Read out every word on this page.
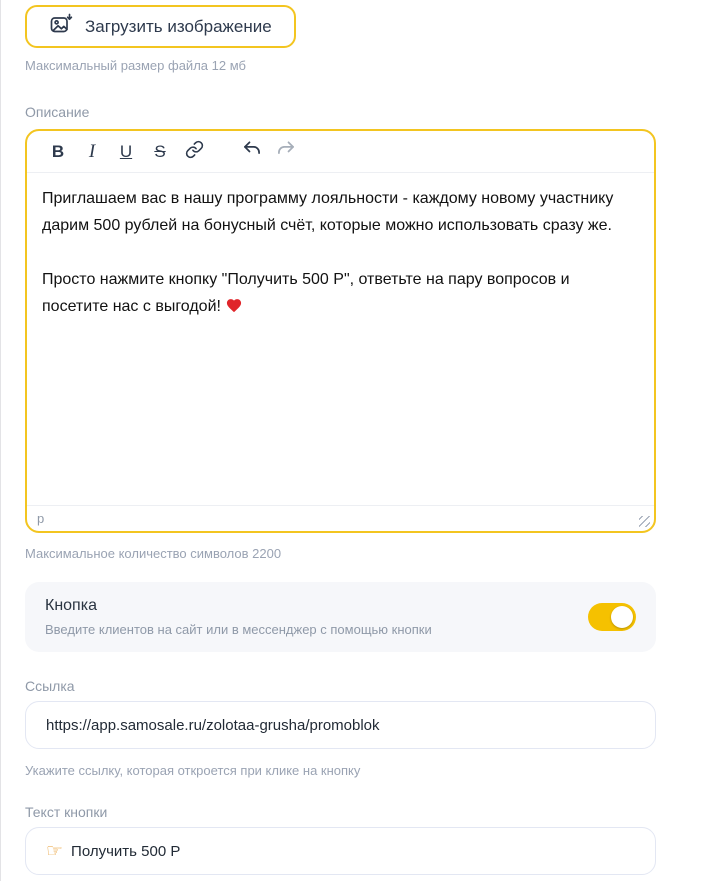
Загрузить изображение
Максимальный размер файла 12 мб
Описание
B	I	U	S

Приглашаем вас в нашу программу лояльности - каждому новому участнику дарим 500 рублей на бонусный счёт, которые можно использовать сразу же.

Просто нажмите кнопку "Получить 500 Р", ответьте на пару вопросов и посетите нас с выгодой!

p
Максимальное количество символов 2200
Кнопка
Введите клиентов на сайт или в мессенджер с помощью кнопки
Ссылка
https://app.samosale.ru/zolotaa-grusha/promoblok
Укажите ссылку, которая откроется при клике на кнопку
Текст кнопки
☞ Получить 500 Р
